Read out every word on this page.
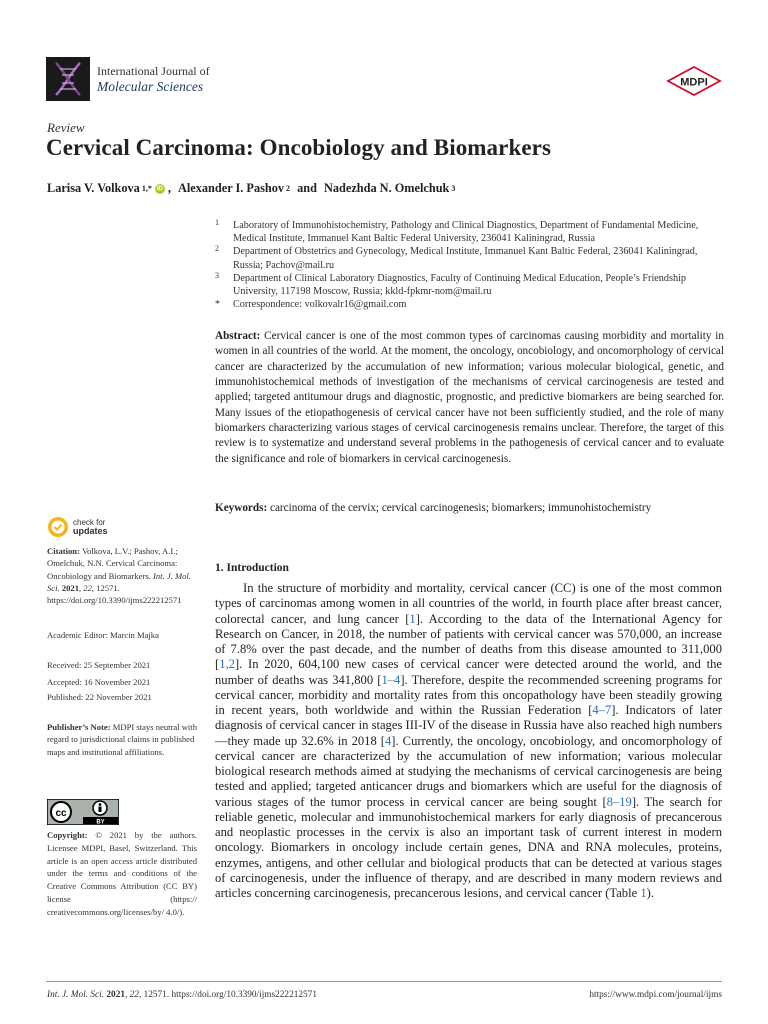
International Journal of
Molecular Sciences	MDPI
Review
Cervical Carcinoma: Oncobiology and Biomarkers
Larisa V. Volkova 1,* iD ,
Alexander I. Pashov 2
and
Nadezhda N. Omelchuk 3
1 Laboratory of Immunohistochemistry, Pathology and Clinical Diagnostics, Department of Fundamental Medicine, Medical Institute, Immanuel Kant Baltic Federal University, 236041 Kaliningrad, Russia
2 Department of Obstetrics and Gynecology, Medical Institute, Immanuel Kant Baltic Federal, 236041 Kaliningrad, Russia; Pachov@mail.ru
3 Department of Clinical Laboratory Diagnostics, Faculty of Continuing Medical Education, People’s Friendship University, 117198 Moscow, Russia; kkld-fpkmr-nom@mail.ru
* Correspondence: volkovalr16@gmail.com
Abstract: Cervical cancer is one of the most common types of carcinomas causing morbidity and mortality in women in all countries of the world. At the moment, the oncology, oncobiology, and oncomorphology of cervical cancer are characterized by the accumulation of new information; various molecular biological, genetic, and immunohistochemical methods of investigation of the mechanisms of cervical carcinogenesis are tested and applied; targeted antitumour drugs and diagnostic, prognostic, and predictive biomarkers are being searched for. Many issues of the etiopathogenesis of cervical cancer have not been sufficiently studied, and the role of many biomarkers characterizing various stages of cervical carcinogenesis remains unclear. Therefore, the target of this review is to systematize and understand several problems in the pathogenesis of cervical cancer and to evaluate the significance and role of biomarkers in cervical carcinogenesis.
Keywords: carcinoma of the cervix; cervical carcinogenesis; biomarkers; immunohistochemistry
check for
updates
Citation: Volkova, L.V.; Pashov, A.I.; Omelchuk, N.N. Cervical Carcinoma: Oncobiology and Biomarkers. Int. J. Mol. Sci. 2021, 22, 12571. https://doi.org/10.3390/ijms222212571
Academic Editor: Marcin Majka
Received: 25 September 2021
Accepted: 16 November 2021
Published: 22 November 2021
Publisher’s Note: MDPI stays neutral with regard to jurisdictional claims in published maps and institutional affiliations.
cc
BY
Copyright: © 2021 by the authors. Licensee MDPI, Basel, Switzerland. This article is an open access article distributed under the terms and conditions of the Creative Commons Attribution (CC BY) license (https:// creativecommons.org/licenses/by/ 4.0/).
1. Introduction
In the structure of morbidity and mortality, cervical cancer (CC) is one of the most common types of carcinomas among women in all countries of the world, in fourth place after breast cancer, colorectal cancer, and lung cancer [1]. According to the data of the International Agency for Research on Cancer, in 2018, the number of patients with cervical cancer was 570,000, an increase of 7.8% over the past decade, and the number of deaths from this disease amounted to 311,000 [1,2]. In 2020, 604,100 new cases of cervical cancer were detected around the world, and the number of deaths was 341,800 [1–4]. Therefore, despite the recommended screening programs for cervical cancer, morbidity and mortality rates from this oncopathology have been steadily growing in recent years, both worldwide and within the Russian Federation [4–7]. Indicators of later diagnosis of cervical cancer in stages III-IV of the disease in Russia have also reached high numbers—they made up 32.6% in 2018 [4]. Currently, the oncology, oncobiology, and oncomorphology of cervical cancer are characterized by the accumulation of new information; various molecular biological research methods aimed at studying the mechanisms of cervical carcinogenesis are being tested and applied; targeted anticancer drugs and biomarkers which are useful for the diagnosis of various stages of the tumor process in cervical cancer are being sought [8–19]. The search for reliable genetic, molecular and immunohistochemical markers for early diagnosis of precancerous and neoplastic processes in the cervix is also an important task of current interest in modern oncology. Biomarkers in oncology include certain genes, DNA and RNA molecules, proteins, enzymes, antigens, and other cellular and biological products that can be detected at various stages of carcinogenesis, under the influence of therapy, and are described in many modern reviews and articles concerning carcinogenesis, precancerous lesions, and cervical cancer (Table 1).
Int. J. Mol. Sci. 2021, 22, 12571. https://doi.org/10.3390/ijms222212571	https://www.mdpi.com/journal/ijms
